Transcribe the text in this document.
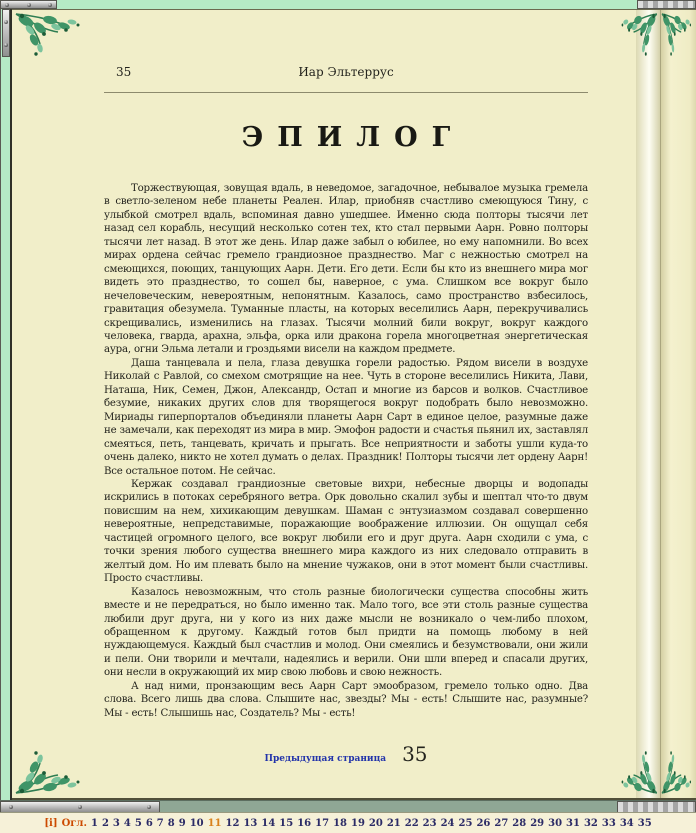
35	Иар Эльтеррус
ЭПИЛОГ

Торжествующая, зовущая вдаль, в неведомое, загадочное, небывалое музыка гремела в светло-зеленом небе планеты Реален. Илар, приобняв счастливо смеющуюся Тину, с улыбкой смотрел вдаль, вспоминая давно ушедшее. Именно сюда полторы тысячи лет назад сел корабль, несущий несколько сотен тех, кто стал первыми Аарн. Ровно полторы тысячи лет назад. В этот же день. Илар даже забыл о юбилее, но ему напомнили. Во всех мирах ордена сейчас гремело грандиозное празднество. Маг с нежностью смотрел на смеющихся, поющих, танцующих Аарн. Дети. Его дети. Если бы кто из внешнего мира мог видеть это празднество, то сошел бы, наверное, с ума. Слишком все вокруг было нечеловеческим, невероятным, непонятным. Казалось, само пространство взбесилось, гравитация обезумела. Туманные пласты, на которых веселились Аарн, перекручивались скрещивались, изменились на глазах. Тысячи молний били вокруг, вокруг каждого человека, гварда, арахна, эльфа, орка или дракона горела многоцветная энергетическая аура, огни Эльма летали и гроздьями висели на каждом предмете.

Даша танцевала и пела, глаза девушка горели радостью. Рядом висели в воздухе Николай с Равлой, со смехом смотрящие на нее. Чуть в стороне веселились Никита, Лави, Наташа, Ник, Семен, Джон, Александр, Остап и многие из барсов и волков. Счастливое безумие, никаких других слов для творящегося вокруг подобрать было невозможно. Мириады гиперпорталов объединяли планеты Аарн Сарт в единое целое, разумные даже не замечали, как переходят из мира в мир. Эмофон радости и счастья пьянил их, заставлял смеяться, петь, танцевать, кричать и прыгать. Все неприятности и заботы ушли куда-то очень далеко, никто не хотел думать о делах. Праздник! Полторы тысячи лет ордену Аарн! Все остальное потом. Не сейчас.

Кержак создавал грандиозные световые вихри, небесные дворцы и водопады искрились в потоках серебряного ветра. Орк довольно скалил зубы и шептал что-то двум повисшим на нем, хихикающим девушкам. Шаман с энтузиазмом создавал совершенно невероятные, непредставимые, поражающие воображение иллюзии. Он ощущал себя частицей огромного целого, все вокруг любили его и друг друга. Аарн сходили с ума, с точки зрения любого существа внешнего мира каждого из них следовало отправить в желтый дом. Но им плевать было на мнение чужаков, они в этот момент были счастливы. Просто счастливы.

Казалось невозможным, что столь разные биологически существа способны жить вместе и не передраться, но было именно так. Мало того, все эти столь разные существа любили друг друга, ни у кого из них даже мысли не возникало о чем-либо плохом, обращенном к другому. Каждый готов был придти на помощь любому в ней нуждающемуся. Каждый был счастлив и молод. Они смеялись и безумствовали, они жили и пели. Они творили и мечтали, надеялись и верили. Они шли вперед и спасали других, они несли в окружающий их мир свою любовь и свою нежность.

А над ними, пронзающим весь Аарн Сарт эмообразом, гремело только одно. Два слова. Всего лишь два слова. Слышите нас, звезды? Мы - есть! Слышите нас, разумные? Мы - есть! Слышишь нас, Создатель? Мы - есть!

Предыдущая страница 35
[i] Огл. 1 2 3 4 5 6 7 8 9 10 11 12 13 14 15 16 17 18 19 20 21 22 23 24 25 26 27 28 29 30 31 32 33 34 35
